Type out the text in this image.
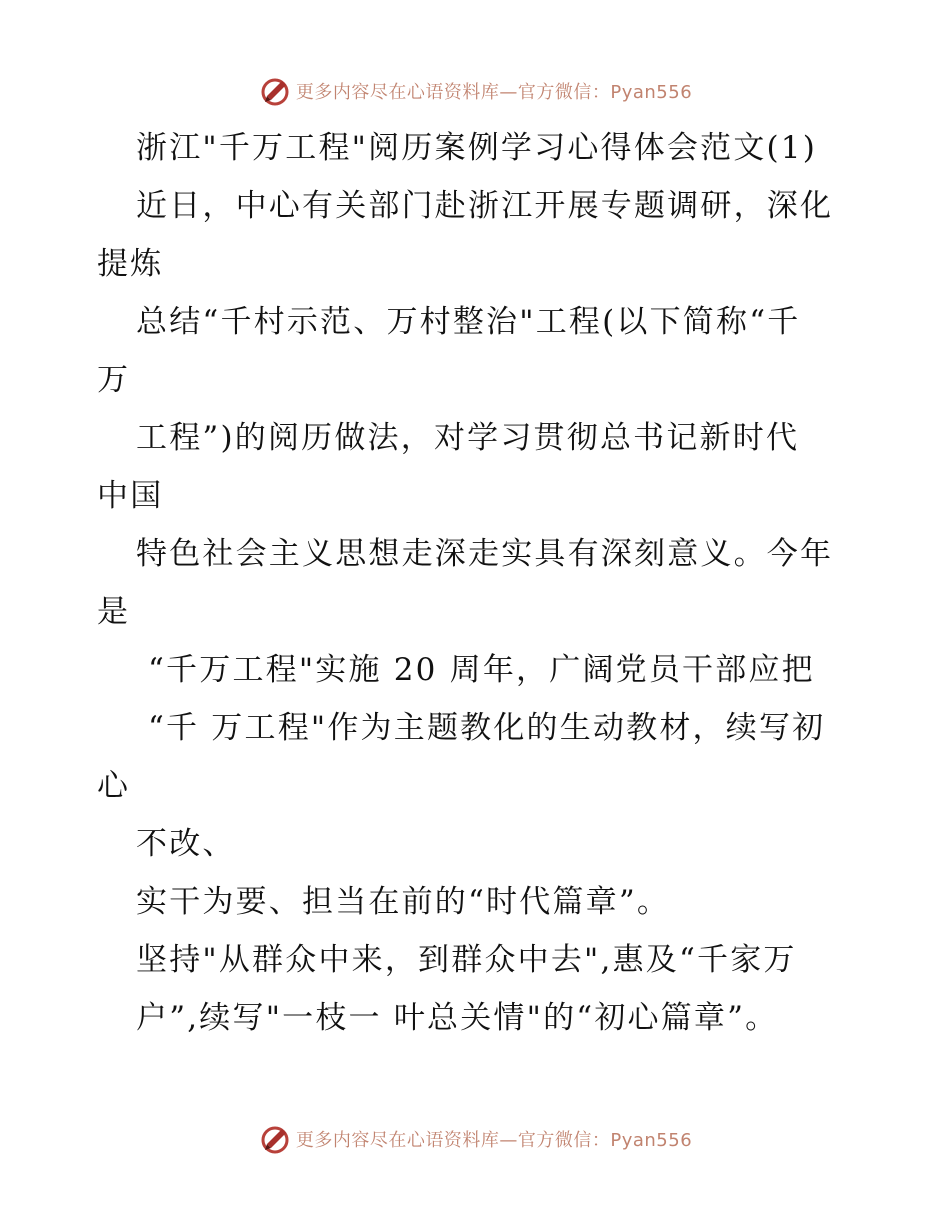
更多内容尽在心语资料库—官方微信：Pyan556
浙江"千万工程"阅历案例学习心得体会范文(1)
近日，中心有关部门赴浙江开展专题调研，深化
提炼
总结“千村示范、万村整治"工程(以下简称“千
万
工程”)的阅历做法，对学习贯彻总书记新时代
中国
特色社会主义思想走深走实具有深刻意义。今年
是
“千万工程"实施 20 周年，广阔党员干部应把
“千 万工程"作为主题教化的生动教材，续写初
心
不改、
实干为要、担当在前的“时代篇章”。
坚持"从群众中来，到群众中去",惠及“千家万
户”,续写"一枝一 叶总关情"的“初心篇章”。
更多内容尽在心语资料库—官方微信：Pyan556
